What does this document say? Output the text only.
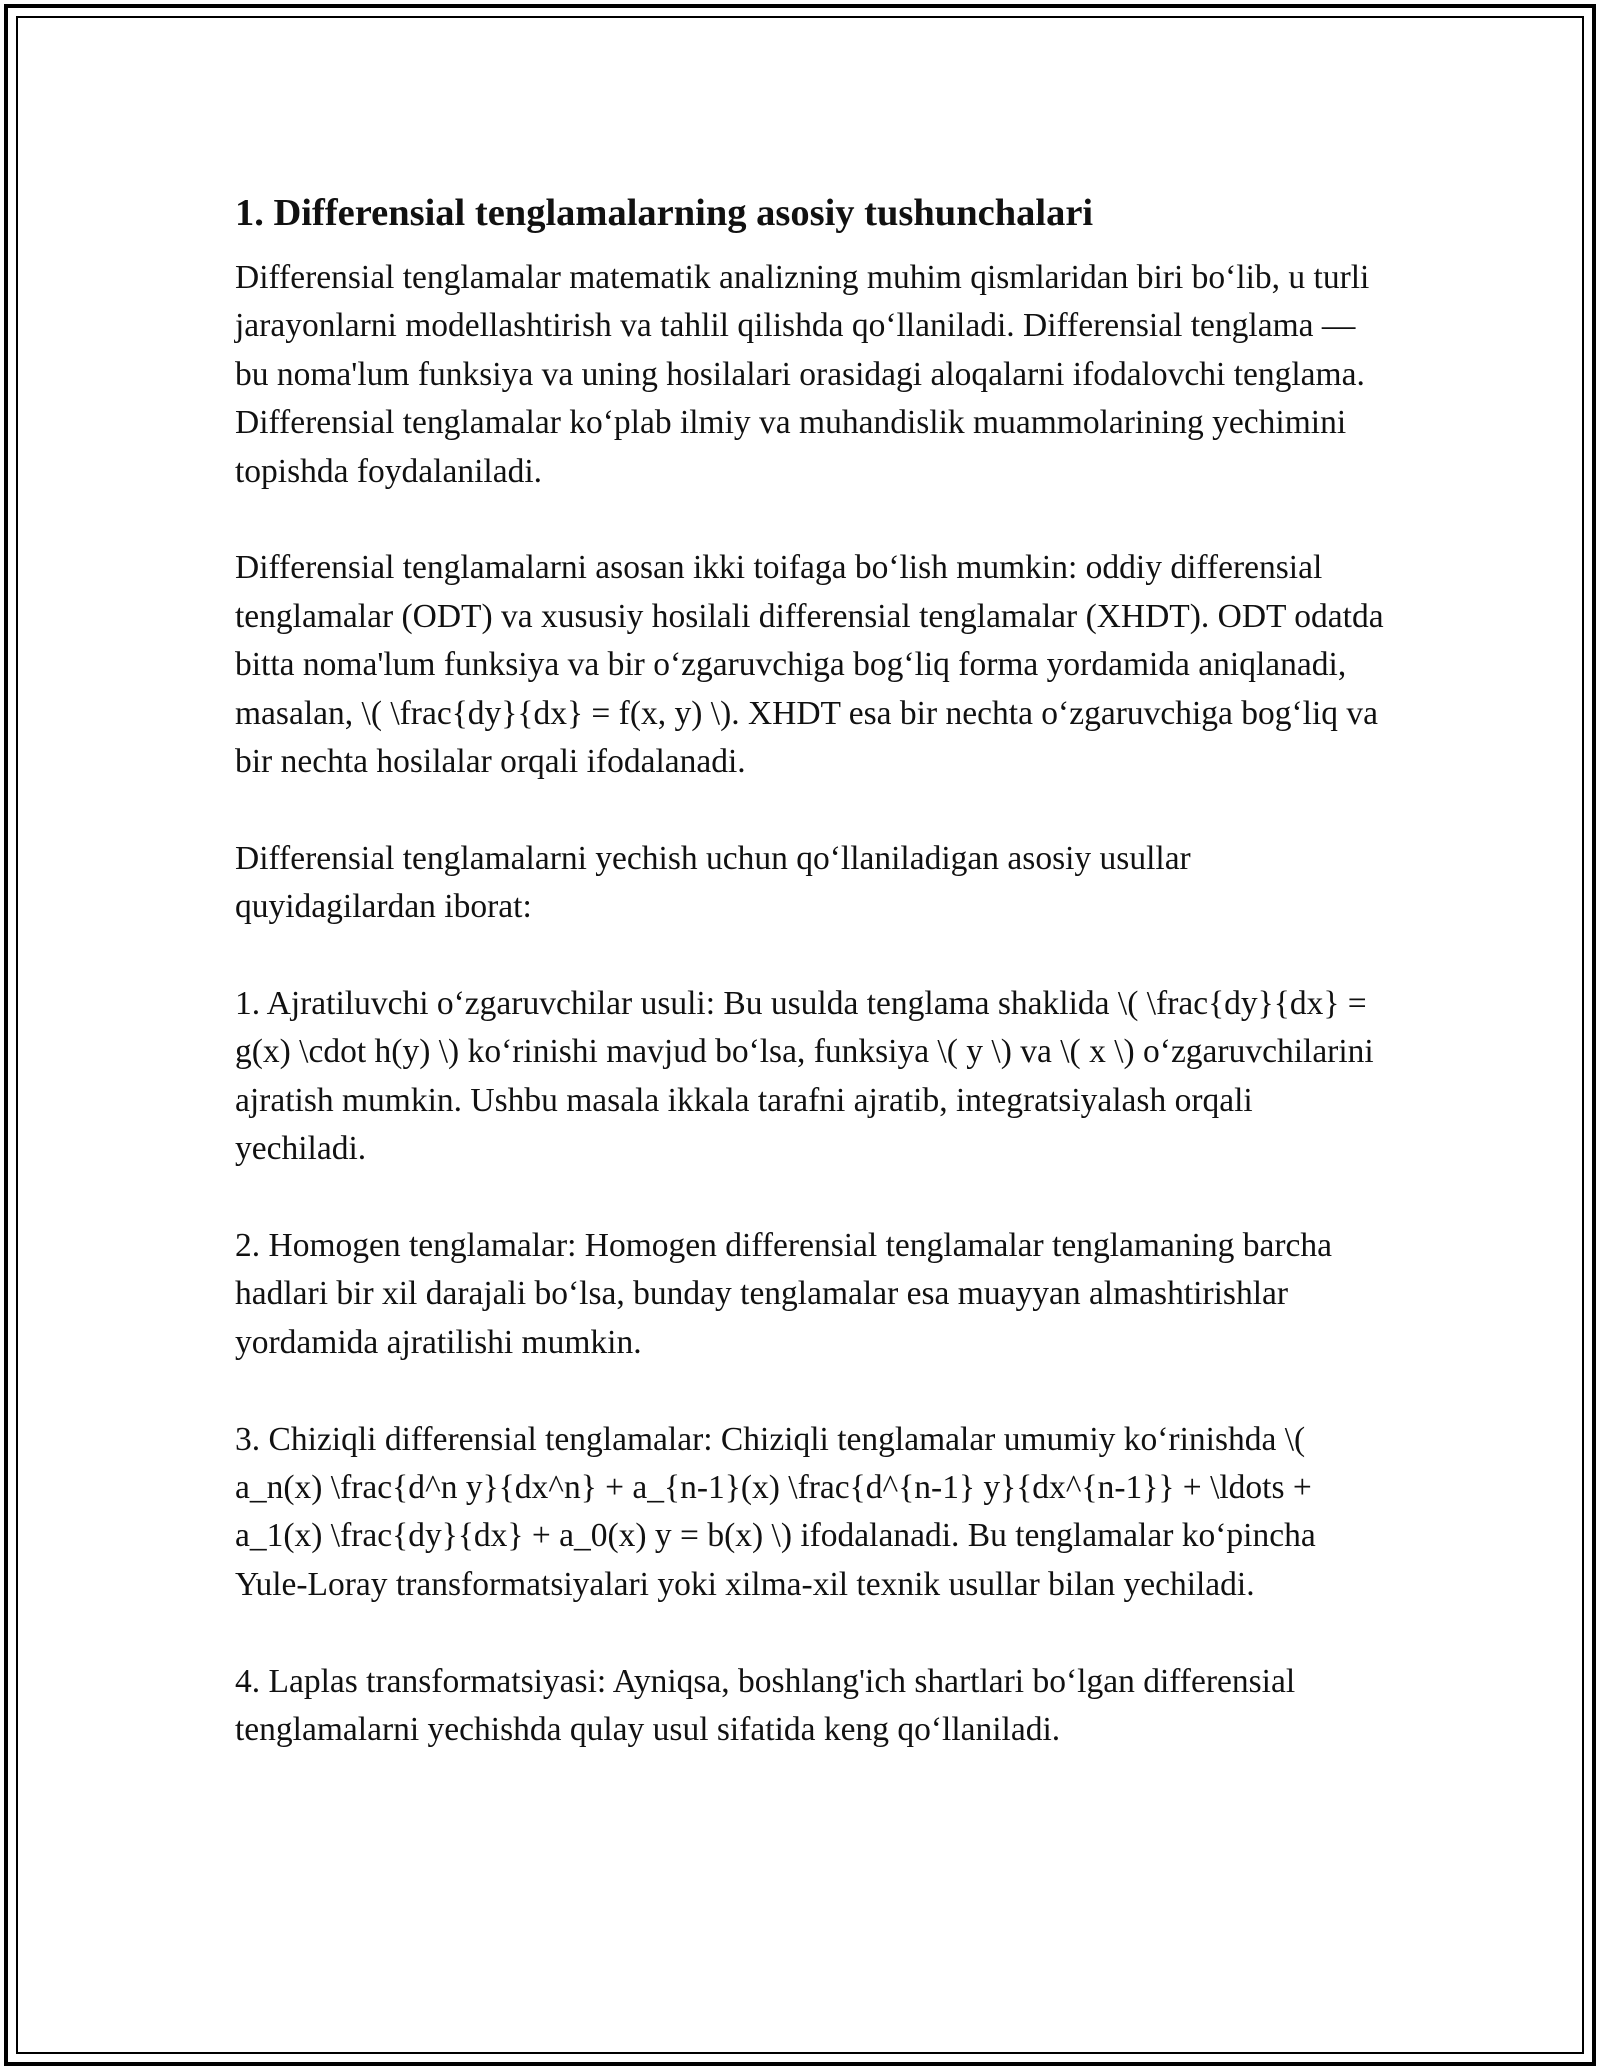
1. Differensial tenglamalarning asosiy tushunchalari

Differensial tenglamalar matematik analizning muhim qismlaridan biri bo‘lib, u turli jarayonlarni modellashtirish va tahlil qilishda qo‘llaniladi. Differensial tenglama — bu noma'lum funksiya va uning hosilalari orasidagi aloqalarni ifodalovchi tenglama. Differensial tenglamalar ko‘plab ilmiy va muhandislik muammolarining yechimini topishda foydalaniladi.

Differensial tenglamalarni asosan ikki toifaga bo‘lish mumkin: oddiy differensial tenglamalar (ODT) va xususiy hosilali differensial tenglamalar (XHDT). ODT odatda bitta noma'lum funksiya va bir o‘zgaruvchiga bog‘liq forma yordamida aniqlanadi, masalan, \( \frac{dy}{dx} = f(x, y) \). XHDT esa bir nechta o‘zgaruvchiga bog‘liq va bir nechta hosilalar orqali ifodalanadi.

Differensial tenglamalarni yechish uchun qo‘llaniladigan asosiy usullar quyidagilardan iborat:

1. Ajratiluvchi o‘zgaruvchilar usuli: Bu usulda tenglama shaklida \( \frac{dy}{dx} = g(x) \cdot h(y) \) ko‘rinishi mavjud bo‘lsa, funksiya \( y \) va \( x \) o‘zgaruvchilarini ajratish mumkin. Ushbu masala ikkala tarafni ajratib, integratsiyalash orqali yechiladi.

2. Homogen tenglamalar: Homogen differensial tenglamalar tenglamaning barcha hadlari bir xil darajali bo‘lsa, bunday tenglamalar esa muayyan almashtirishlar yordamida ajratilishi mumkin.

3. Chiziqli differensial tenglamalar: Chiziqli tenglamalar umumiy ko‘rinishda \( a_n(x) \frac{d^n y}{dx^n} + a_{n-1}(x) \frac{d^{n-1} y}{dx^{n-1}} + \ldots + a_1(x) \frac{dy}{dx} + a_0(x) y = b(x) \) ifodalanadi. Bu tenglamalar ko‘pincha Yule-Loray transformatsiyalari yoki xilma-xil texnik usullar bilan yechiladi.

4. Laplas transformatsiyasi: Ayniqsa, boshlang'ich shartlari bo‘lgan differensial tenglamalarni yechishda qulay usul sifatida keng qo‘llaniladi.
